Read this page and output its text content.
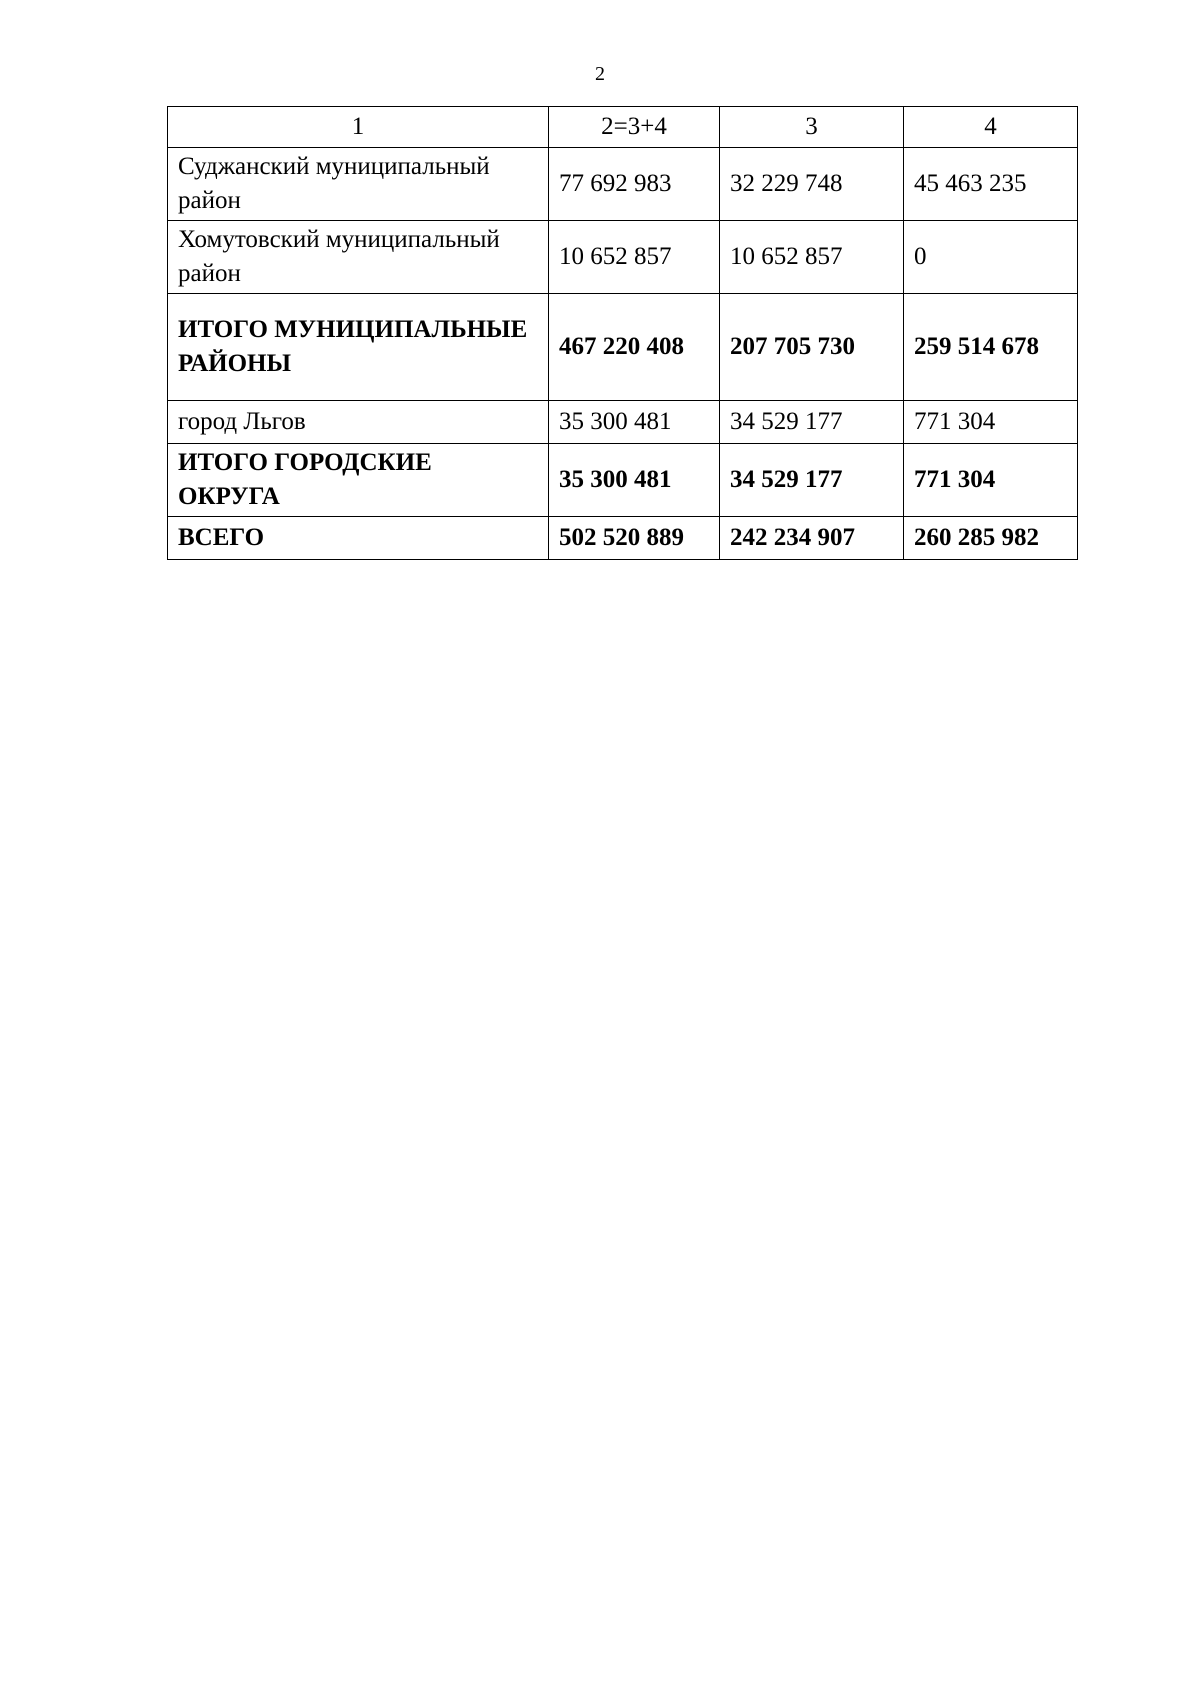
2
1	2=3+4	3	4
Суджанский муниципальный район	77 692 983	32 229 748	45 463 235
Хомутовский муниципальный район	10 652 857	10 652 857	0
ИТОГО МУНИЦИПАЛЬНЫЕ РАЙОНЫ	467 220 408	207 705 730	259 514 678
город Льгов	35 300 481	34 529 177	771 304
ИТОГО ГОРОДСКИЕ ОКРУГА	35 300 481	34 529 177	771 304
ВСЕГО	502 520 889	242 234 907	260 285 982
